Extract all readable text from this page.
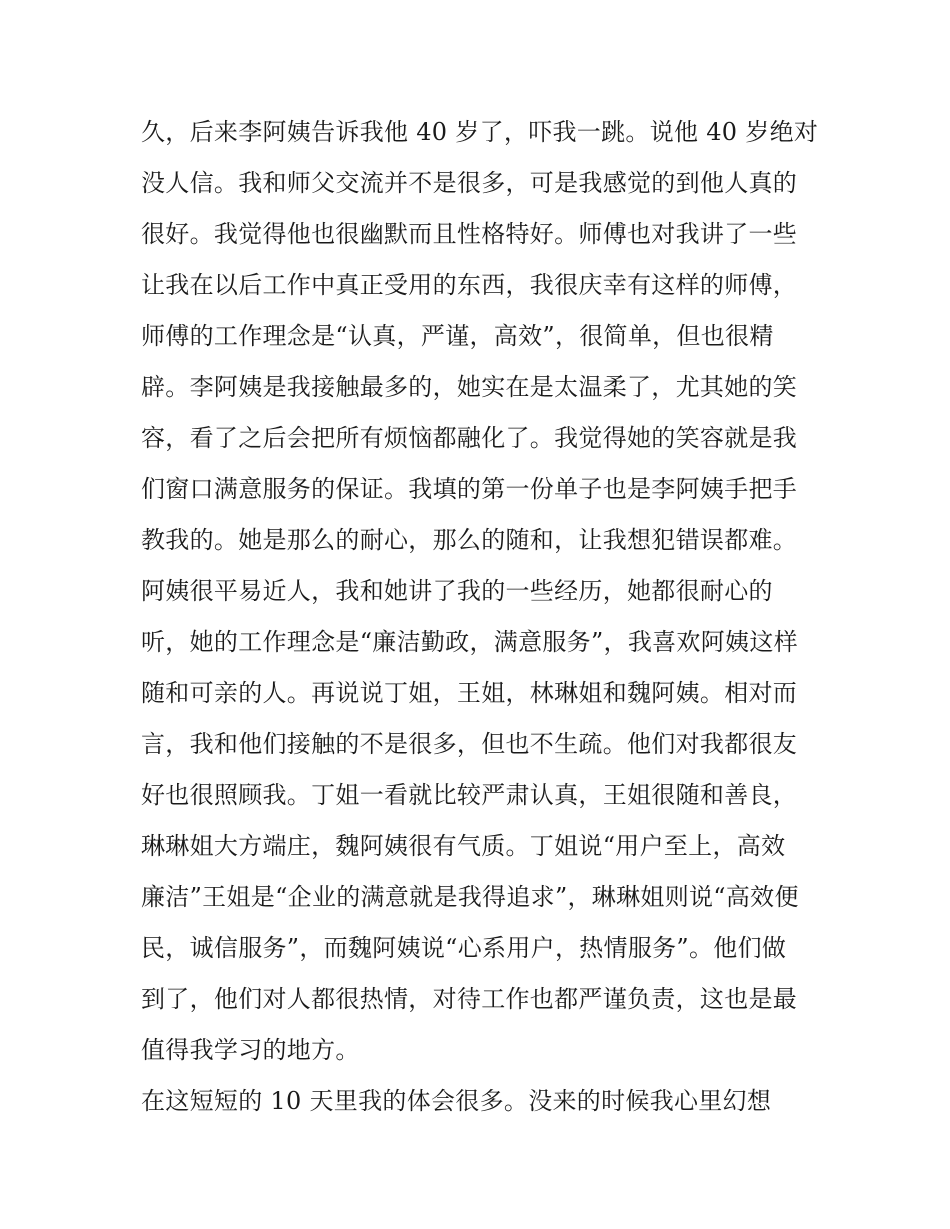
久，后来李阿姨告诉我他 40 岁了，吓我一跳。说他 40 岁绝对
没人信。我和师父交流并不是很多，可是我感觉的到他人真的
很好。我觉得他也很幽默而且性格特好。师傅也对我讲了一些
让我在以后工作中真正受用的东西，我很庆幸有这样的师傅，
师傅的工作理念是“认真，严谨，高效”，很简单，但也很精
辟。李阿姨是我接触最多的，她实在是太温柔了，尤其她的笑
容，看了之后会把所有烦恼都融化了。我觉得她的笑容就是我
们窗口满意服务的保证。我填的第一份单子也是李阿姨手把手
教我的。她是那么的耐心，那么的随和，让我想犯错误都难。
阿姨很平易近人，我和她讲了我的一些经历，她都很耐心的
听，她的工作理念是“廉洁勤政，满意服务”，我喜欢阿姨这样
随和可亲的人。再说说丁姐，王姐，林琳姐和魏阿姨。相对而
言，我和他们接触的不是很多，但也不生疏。他们对我都很友
好也很照顾我。丁姐一看就比较严肃认真，王姐很随和善良，
琳琳姐大方端庄，魏阿姨很有气质。丁姐说“用户至上，高效
廉洁”王姐是“企业的满意就是我得追求”，琳琳姐则说“高效便
民，诚信服务”，而魏阿姨说“心系用户，热情服务”。他们做
到了，他们对人都很热情，对待工作也都严谨负责，这也是最
值得我学习的地方。
在这短短的 10 天里我的体会很多。没来的时候我心里幻想
